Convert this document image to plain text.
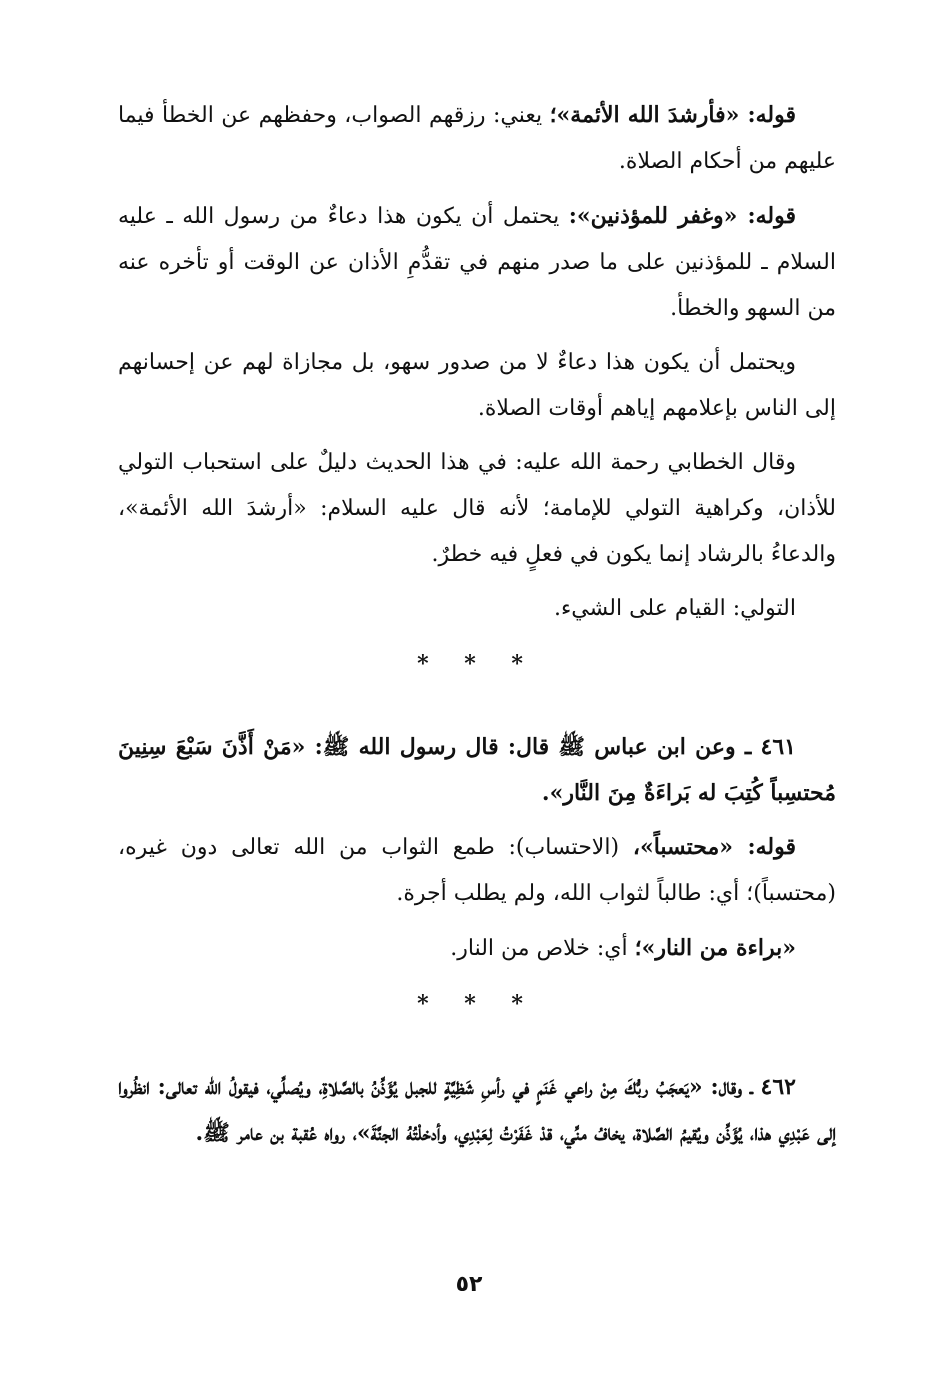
قوله: «فأرشدَ الله الأئمة»؛ يعني: رزقهم الصواب، وحفظهم عن الخطأ فيما عليهم من أحكام الصلاة.

قوله: «وغفر للمؤذنين»: يحتمل أن يكون هذا دعاءٌ من رسول الله ـ عليه السلام ـ للمؤذنين على ما صدر منهم في تقدُّمِ الأذان عن الوقت أو تأخره عنه من السهو والخطأ.

ويحتمل أن يكون هذا دعاءٌ لا من صدور سهو، بل مجازاة لهم عن إحسانهم إلى الناس بإعلامهم إياهم أوقات الصلاة.

وقال الخطابي رحمة الله عليه: في هذا الحديث دليلٌ على استحباب التولي للأذان، وكراهية التولي للإمامة؛ لأنه قال عليه السلام: «أرشدَ الله الأئمة»، والدعاءُ بالرشاد إنما يكون في فعلٍ فيه خطرٌ.

التولي: القيام على الشيء.

* * *

٤٦١ ـ وعن ابن عباس ﷺ قال: قال رسول الله ﷺ: «مَنْ أَذَّنَ سَبْعَ سِنِينَ مُحتسِباً كُتِبَ له بَراءَةٌ مِنَ النَّار».

قوله: «محتسباً»، (الاحتساب): طمع الثواب من الله تعالى دون غيره، (محتسباً)؛ أي: طالباً لثواب الله، ولم يطلب أجرة.

«براءة من النار»؛ أي: خلاص من النار.

* * *

٤٦٢ ـ وقال: «يَعجَبُ ربُّكَ مِنْ راعي غَنَمٍ في رأسِ شَظِيَّةٍ للجبل يُؤَذِّنُ بالصَّلاةِ، ويُصلِّي، فيقولُ الله تعالى: انظُروا إلى عَبْدِي هذا، يُؤَذِّن ويُقيمُ الصَّلاة، يخافُ منِّي، قدْ غَفَرْتُ لِعَبْدِي، وأدخلْتُهُ الجنَّةَ»، رواه عُقبة بن عامر ﷺ.

٥٢
